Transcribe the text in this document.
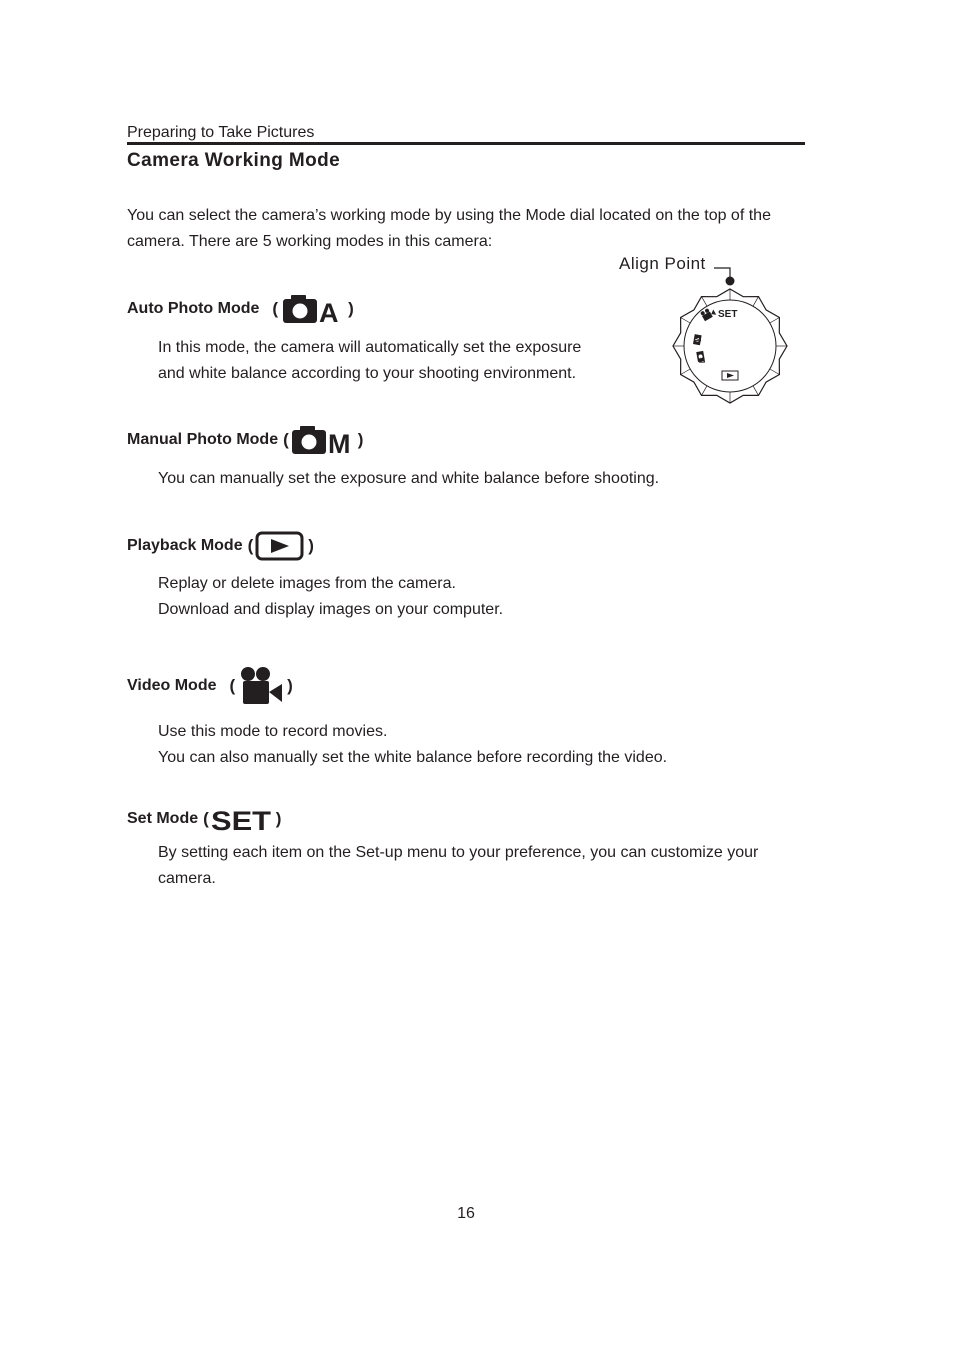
Preparing to Take Pictures
Camera Working Mode
You can select the camera’s working mode by using the Mode dial located on the top of the
camera. There are 5 working modes in this camera:
Align Point
SET
M
A
Auto Photo Mode ( A )
In this mode, the camera will automatically set the exposure
and white balance according to your shooting environment.
Manual Photo Mode ( M )
You can manually set the exposure and white balance before shooting.
Playback Mode (	)
Replay or delete images from the camera.
Download and display images on your computer.
Video Mode (	)
Use this mode to record movies.
You can also manually set the white balance before recording the video.
Set Mode ( SET )
By setting each item on the Set-up menu to your preference, you can customize your
camera.
16
